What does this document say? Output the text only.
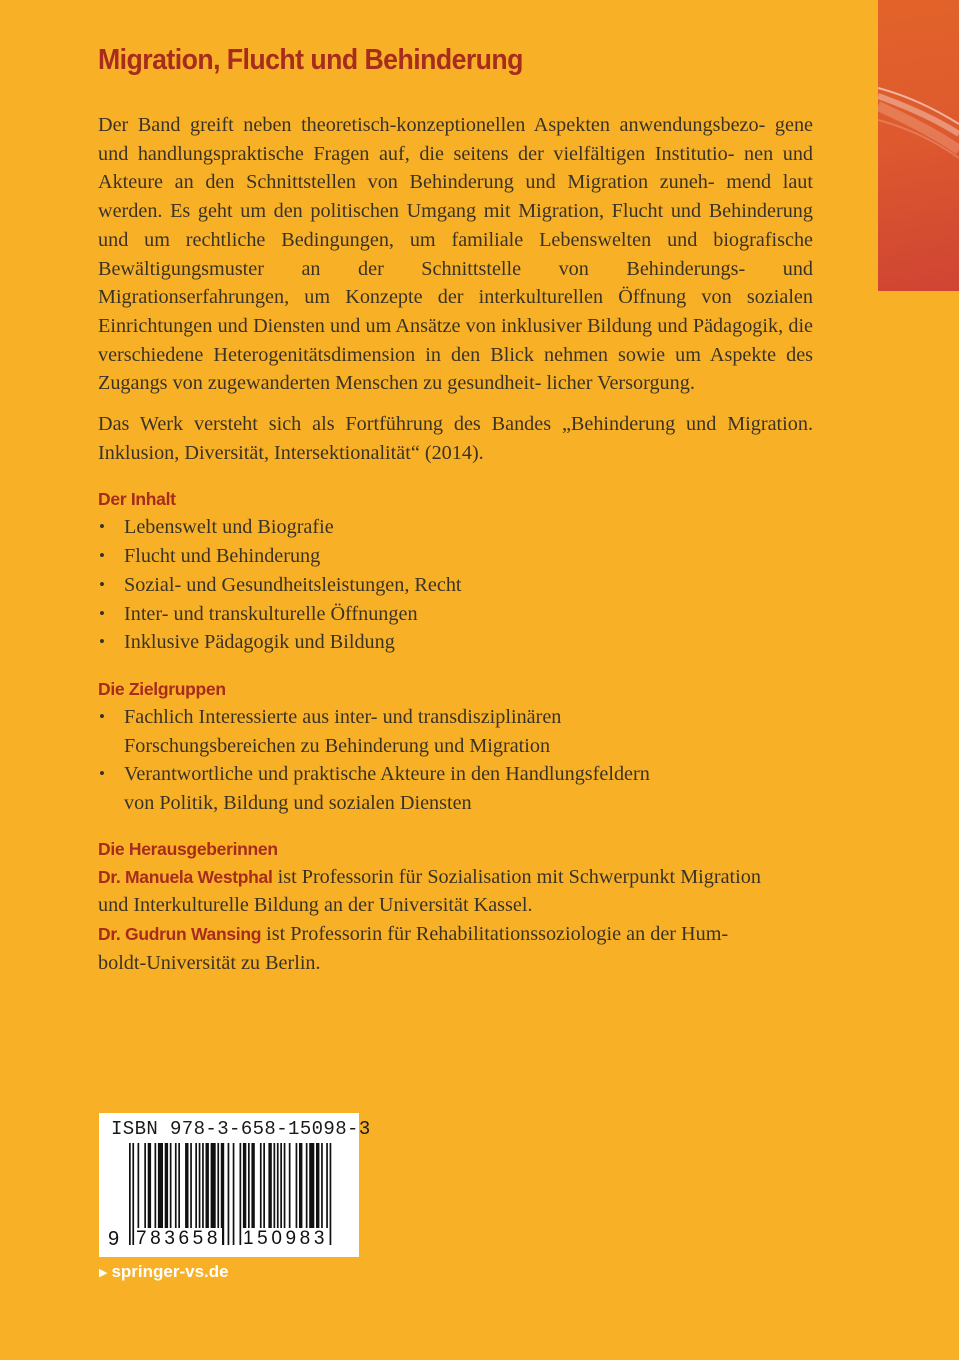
Migration, Flucht und Behinderung

Der Band greift neben theoretisch-konzeptionellen Aspekten anwendungsbezo- gene und handlungspraktische Fragen auf, die seitens der vielfältigen Institutio- nen und Akteure an den Schnittstellen von Behinderung und Migration zuneh- mend laut werden. Es geht um den politischen Umgang mit Migration, Flucht und Behinderung und um rechtliche Bedingungen, um familiale Lebenswelten und biografische Bewältigungsmuster an der Schnittstelle von Behinderungs- und Migrationserfahrungen, um Konzepte der interkulturellen Öffnung von sozialen Einrichtungen und Diensten und um Ansätze von inklusiver Bildung und Pädagogik, die verschiedene Heterogenitätsdimension in den Blick nehmen sowie um Aspekte des Zugangs von zugewanderten Menschen zu gesundheit- licher Versorgung.

Das Werk versteht sich als Fortführung des Bandes „Behinderung und Migration. Inklusion, Diversität, Intersektionalität“ (2014).

Der Inhalt
• Lebenswelt und Biografie
• Flucht und Behinderung
• Sozial- und Gesundheitsleistungen, Recht
• Inter- und transkulturelle Öffnungen
• Inklusive Pädagogik und Bildung
Die Zielgruppen
• Fachlich Interessierte aus inter- und transdisziplinären
Forschungsbereichen zu Behinderung und Migration
• Verantwortliche und praktische Akteure in den Handlungsfeldern
von Politik, Bildung und sozialen Diensten
Die Herausgeberinnen

Dr. Manuela Westphal ist Professorin für Sozialisation mit Schwerpunkt Migration
und Interkulturelle Bildung an der Universität Kassel.

Dr. Gudrun Wansing ist Professorin für Rehabilitationssoziologie an der Hum-
boldt-Universität zu Berlin.

ISBN 978-3-658-15098-3
9 783658 150983
▶ springer-vs.de
